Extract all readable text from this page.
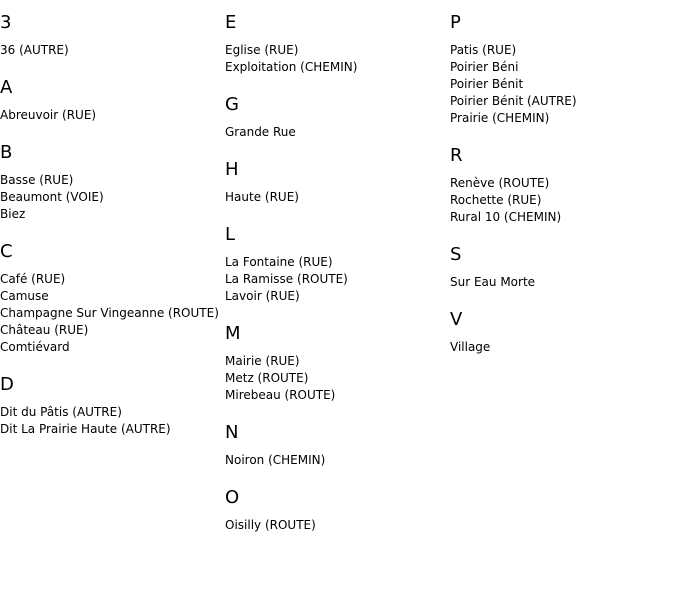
3
36 (AUTRE)
A
Abreuvoir (RUE)
B
Basse (RUE)
Beaumont (VOIE)
Biez
C
Café (RUE)
Camuse
Champagne Sur Vingeanne (ROUTE)
Château (RUE)
Comtiévard
D
Dit du Pâtis (AUTRE)
Dit La Prairie Haute (AUTRE)
E
Eglise (RUE)
Exploitation (CHEMIN)
G
Grande Rue
H
Haute (RUE)
L
La Fontaine (RUE)
La Ramisse (ROUTE)
Lavoir (RUE)
M
Mairie (RUE)
Metz (ROUTE)
Mirebeau (ROUTE)
N
Noiron (CHEMIN)
O
Oisilly (ROUTE)
P
Patis (RUE)
Poirier Béni
Poirier Bénit
Poirier Bénit (AUTRE)
Prairie (CHEMIN)
R
Renève (ROUTE)
Rochette (RUE)
Rural 10 (CHEMIN)
S
Sur Eau Morte
V
Village
